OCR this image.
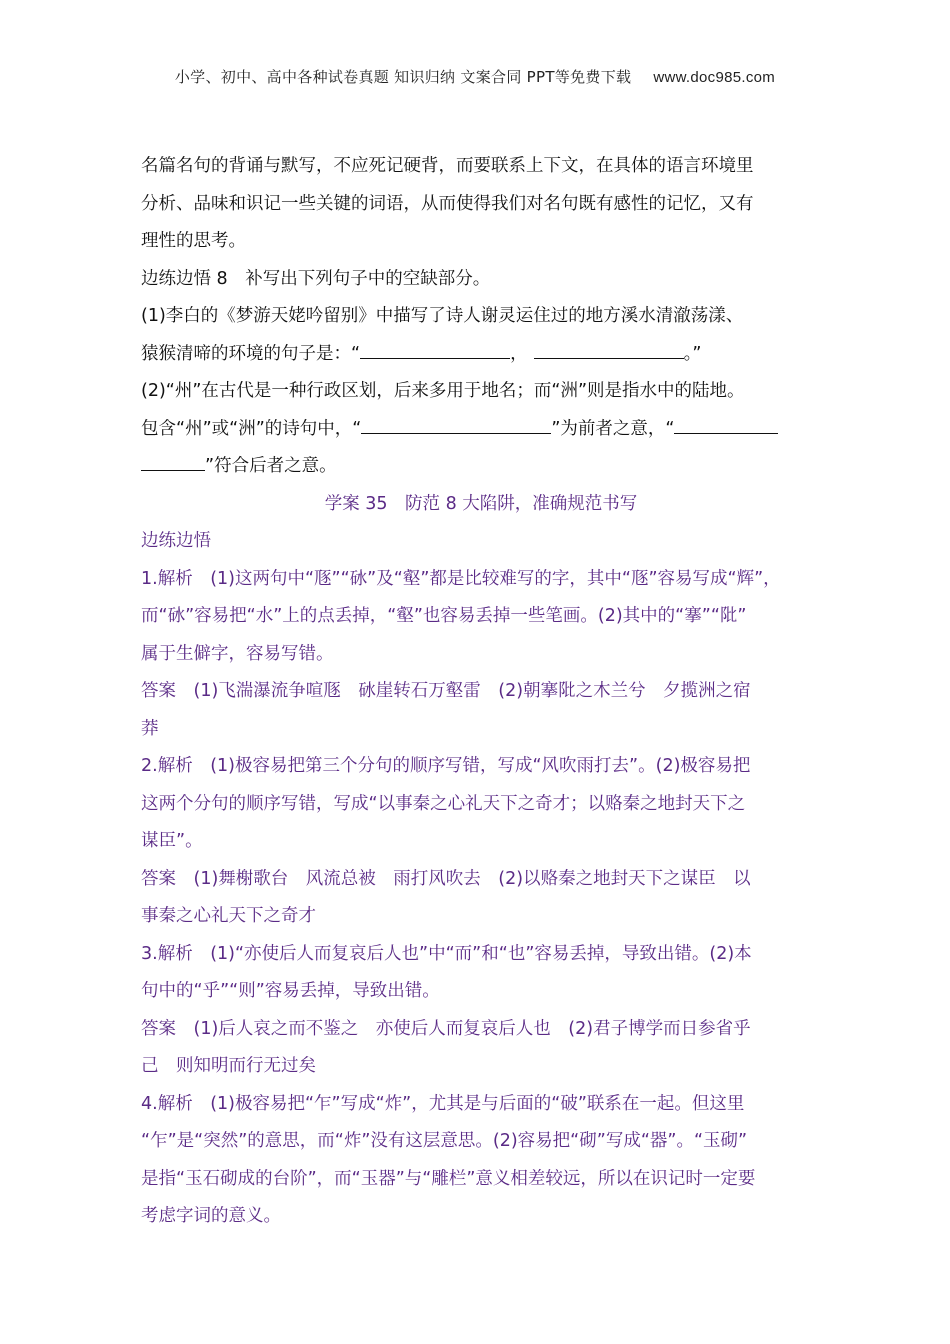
小学、初中、高中各种试卷真题 知识归纳 文案合同 PPT等免费下载 www.doc985.com

名篇名句的背诵与默写，不应死记硬背，而要联系上下文，在具体的语言环境里

分析、品味和识记一些关键的词语，从而使得我们对名句既有感性的记忆，又有

理性的思考。

边练边悟 8　补写出下列句子中的空缺部分。

(1)李白的《梦游天姥吟留别》中描写了诗人谢灵运住过的地方溪水清澈荡漾、

猿猴清啼的环境的句子是：“	，	。”

(2)“州”在古代是一种行政区划，后来多用于地名；而“洲”则是指水中的陆地。

包含“州”或“洲”的诗句中，“	”为前者之意，“

”符合后者之意。

学案 35　防范 8 大陷阱，准确规范书写

边练边悟

1.解析　(1)这两句中“豗”“砅”及“壑”都是比较难写的字，其中“豗”容易写成“辉”，

而“砅”容易把“水”上的点丢掉，“壑”也容易丢掉一些笔画。(2)其中的“搴”“阰”

属于生僻字，容易写错。

答案　(1)飞湍瀑流争喧豗　砅崖转石万壑雷　(2)朝搴阰之木兰兮　夕揽洲之宿

莽

2.解析　(1)极容易把第三个分句的顺序写错，写成“风吹雨打去”。(2)极容易把

这两个分句的顺序写错，写成“以事秦之心礼天下之奇才；以赂秦之地封天下之

谋臣”。

答案　(1)舞榭歌台　风流总被　雨打风吹去　(2)以赂秦之地封天下之谋臣　以

事秦之心礼天下之奇才

3.解析　(1)“亦使后人而复哀后人也”中“而”和“也”容易丢掉，导致出错。(2)本

句中的“乎”“则”容易丢掉，导致出错。

答案　(1)后人哀之而不鉴之　亦使后人而复哀后人也　(2)君子博学而日参省乎

己　则知明而行无过矣

4.解析　(1)极容易把“乍”写成“炸”，尤其是与后面的“破”联系在一起。但这里

“乍”是“突然”的意思，而“炸”没有这层意思。(2)容易把“砌”写成“器”。“玉砌”

是指“玉石砌成的台阶”，而“玉器”与“雕栏”意义相差较远，所以在识记时一定要

考虑字词的意义。
